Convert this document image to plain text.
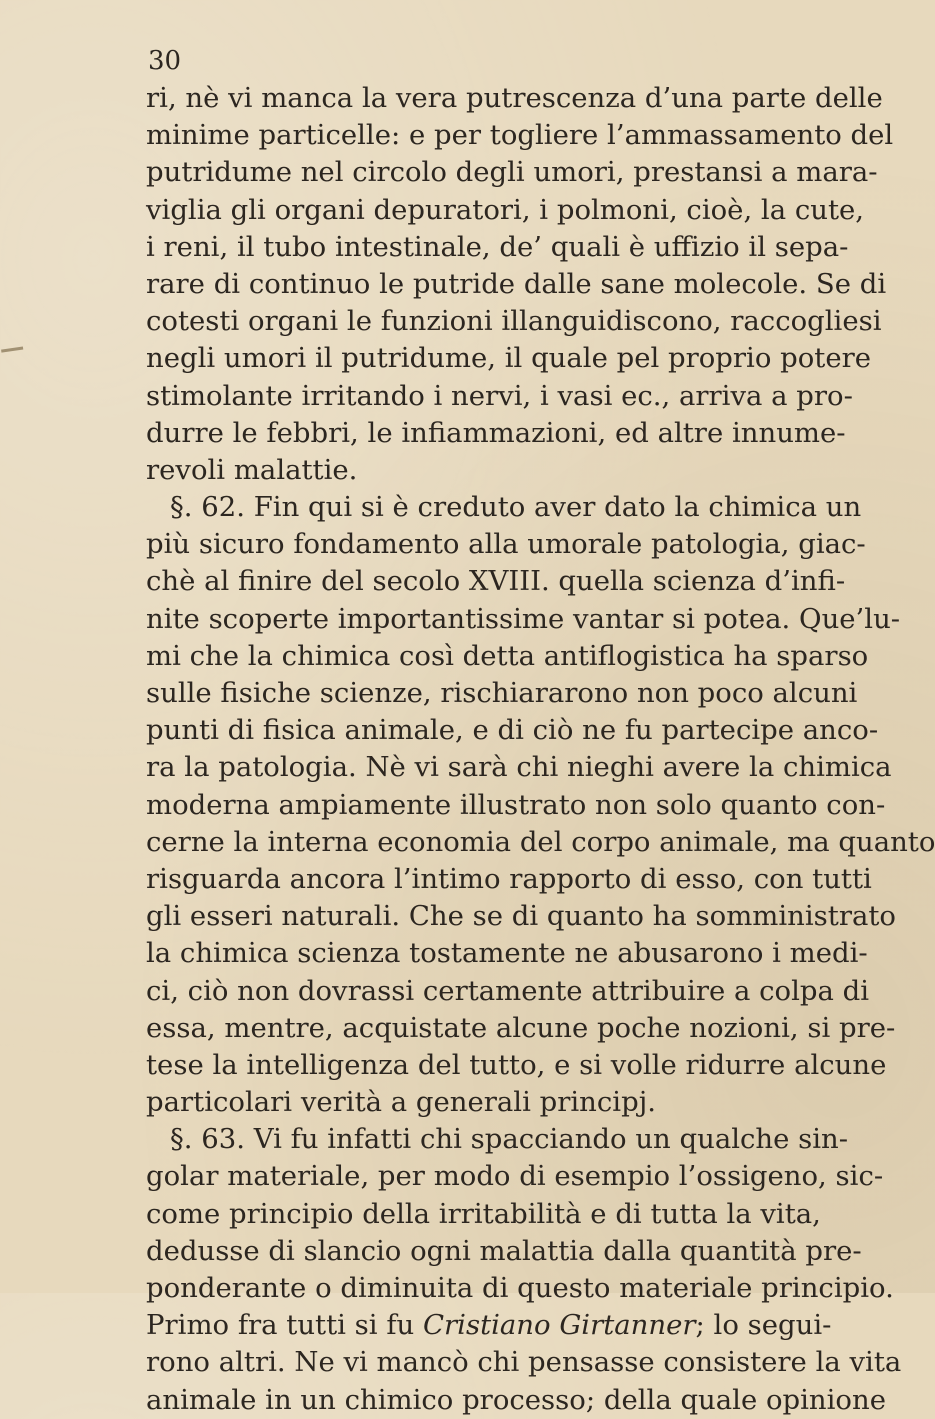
30
ri, nè vi manca la vera putrescenza d’una parte delle
minime particelle: e per togliere l’ammassamento del
putridume nel circolo degli umori, prestansi a mara-
viglia gli organi depuratori, i polmoni, cioè, la cute,
i reni, il tubo intestinale, de’ quali è uffizio il sepa-
rare di continuo le putride dalle sane molecole. Se di
cotesti organi le funzioni illanguidiscono, raccogliesi
negli umori il putridume, il quale pel proprio potere
stimolante irritando i nervi, i vasi ec., arriva a pro-
durre le febbri, le infiammazioni, ed altre innume-
revoli malattie.
§. 62. Fin qui si è creduto aver dato la chimica un
più sicuro fondamento alla umorale patologia, giac-
chè al finire del secolo XVIII. quella scienza d’infi-
nite scoperte importantissime vantar si potea. Que’lu-
mi che la chimica così detta antiflogistica ha sparso
sulle fisiche scienze, rischiararono non poco alcuni
punti di fisica animale, e di ciò ne fu partecipe anco-
ra la patologia. Nè vi sarà chi nieghi avere la chimica
moderna ampiamente illustrato non solo quanto con-
cerne la interna economia del corpo animale, ma quanto
risguarda ancora l’intimo rapporto di esso, con tutti
gli esseri naturali. Che se di quanto ha somministrato
la chimica scienza tostamente ne abusarono i medi-
ci, ciò non dovrassi certamente attribuire a colpa di
essa, mentre, acquistate alcune poche nozioni, si pre-
tese la intelligenza del tutto, e si volle ridurre alcune
particolari verità a generali principj.
§. 63. Vi fu infatti chi spacciando un qualche sin-
golar materiale, per modo di esempio l’ossigeno, sic-
come principio della irritabilità e di tutta la vita,
dedusse di slancio ogni malattia dalla quantità pre-
ponderante o diminuita di questo materiale principio.
Primo fra tutti si fu Cristiano Girtanner; lo segui-
rono altri. Ne vi mancò chi pensasse consistere la vita
animale in un chimico processo; della quale opinione
